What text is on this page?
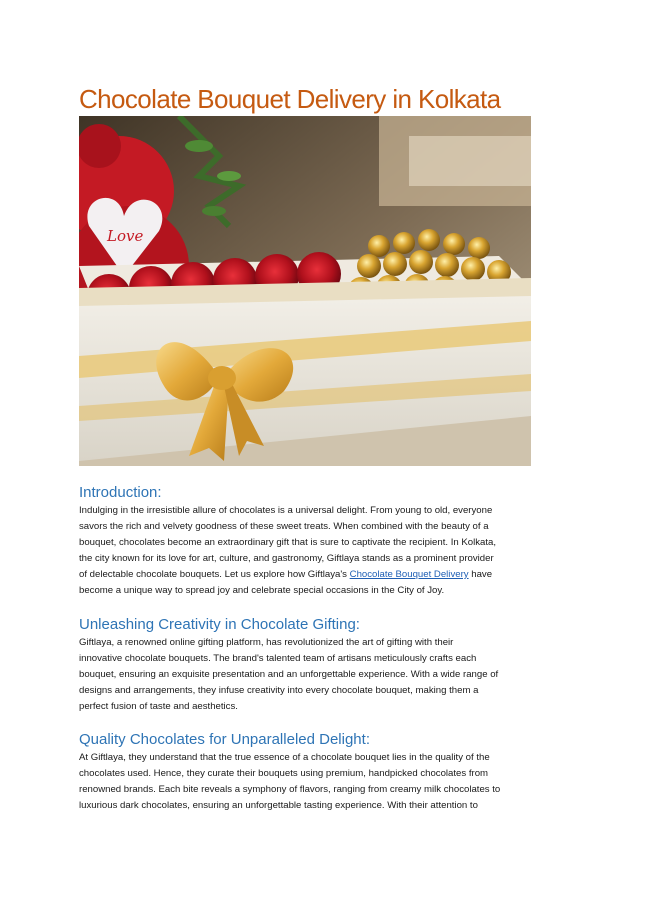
Chocolate Bouquet Delivery in Kolkata
Love
Introduction:
Indulging in the irresistible allure of chocolates is a universal delight. From young to old, everyone
savors the rich and velvety goodness of these sweet treats. When combined with the beauty of a
bouquet, chocolates become an extraordinary gift that is sure to captivate the recipient. In Kolkata,
the city known for its love for art, culture, and gastronomy, Giftlaya stands as a prominent provider
of delectable chocolate bouquets. Let us explore how Giftlaya's Chocolate Bouquet Delivery have
become a unique way to spread joy and celebrate special occasions in the City of Joy.
Unleashing Creativity in Chocolate Gifting:
Giftlaya, a renowned online gifting platform, has revolutionized the art of gifting with their
innovative chocolate bouquets. The brand's talented team of artisans meticulously crafts each
bouquet, ensuring an exquisite presentation and an unforgettable experience. With a wide range of
designs and arrangements, they infuse creativity into every chocolate bouquet, making them a
perfect fusion of taste and aesthetics.
Quality Chocolates for Unparalleled Delight:
At Giftlaya, they understand that the true essence of a chocolate bouquet lies in the quality of the
chocolates used. Hence, they curate their bouquets using premium, handpicked chocolates from
renowned brands. Each bite reveals a symphony of flavors, ranging from creamy milk chocolates to
luxurious dark chocolates, ensuring an unforgettable tasting experience. With their attention to
